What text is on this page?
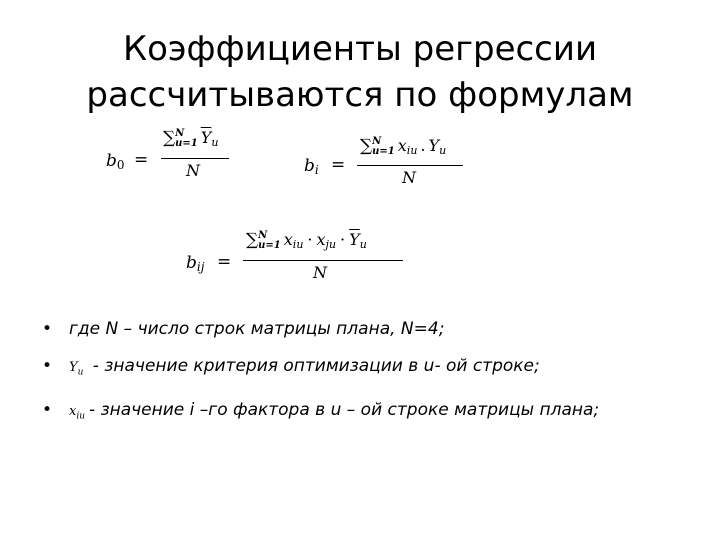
Коэффициенты регрессии
рассчитываются по формулам
$b_0$ =
∑ N
u=1 $\overline{Y}_u$
N	$b_i$ =
∑ N
u=1 $x_{iu}$ . $Y_u$
N
$b_{ij}$ =
∑ N
u=1 $x_{iu} \cdot x_{ju} \cdot \overline{Y}_u$
N
• где N – число строк матрицы плана, N=4;
• $Y_u$ - значение критерия оптимизации в u- ой строке;
• $x_{iu}$ - значение i –го фактора в u – ой строке матрицы плана;
